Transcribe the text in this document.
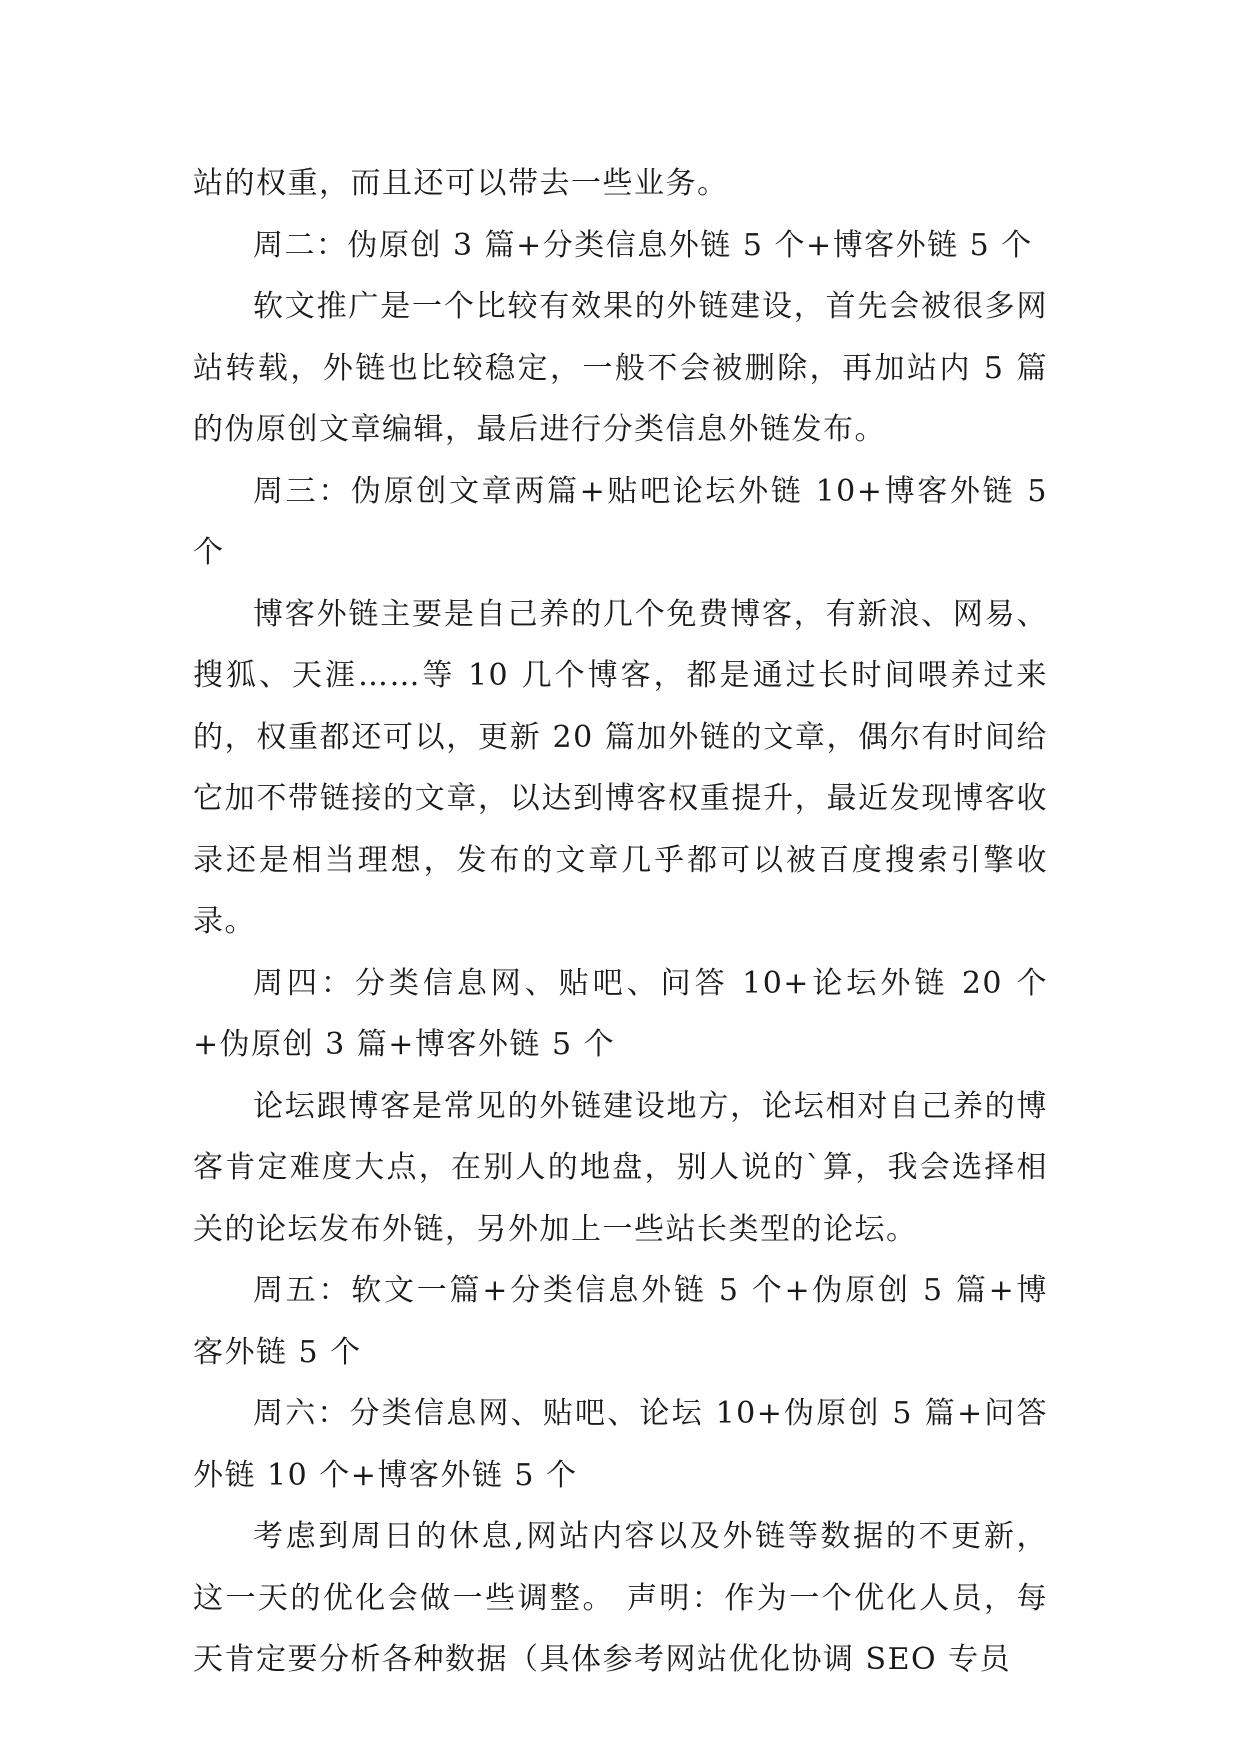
站的权重，而且还可以带去一些业务。

周二：伪原创 3 篇+分类信息外链 5 个+博客外链 5 个

软文推广是一个比较有效果的外链建设，首先会被很多网站转载，外链也比较稳定，一般不会被删除，再加站内 5 篇的伪原创文章编辑，最后进行分类信息外链发布。

周三：伪原创文章两篇+贴吧论坛外链 10+博客外链 5 个

博客外链主要是自己养的几个免费博客，有新浪、网易、搜狐、天涯……等 10 几个博客，都是通过长时间喂养过来的，权重都还可以，更新 20 篇加外链的文章，偶尔有时间给它加不带链接的文章，以达到博客权重提升，最近发现博客收录还是相当理想，发布的文章几乎都可以被百度搜索引擎收录。

周四：分类信息网、贴吧、问答 10+论坛外链 20 个+伪原创 3 篇+博客外链 5 个

论坛跟博客是常见的外链建设地方，论坛相对自己养的博客肯定难度大点，在别人的地盘，别人说的`算，我会选择相关的论坛发布外链，另外加上一些站长类型的论坛。

周五：软文一篇+分类信息外链 5 个+伪原创 5 篇+博客外链 5 个

周六：分类信息网、贴吧、论坛 10+伪原创 5 篇+问答外链 10 个+博客外链 5 个

考虑到周日的休息,网站内容以及外链等数据的不更新，这一天的优化会做一些调整。 声明：作为一个优化人员，每天肯定要分析各种数据（具体参考网站优化协调 SEO 专员
